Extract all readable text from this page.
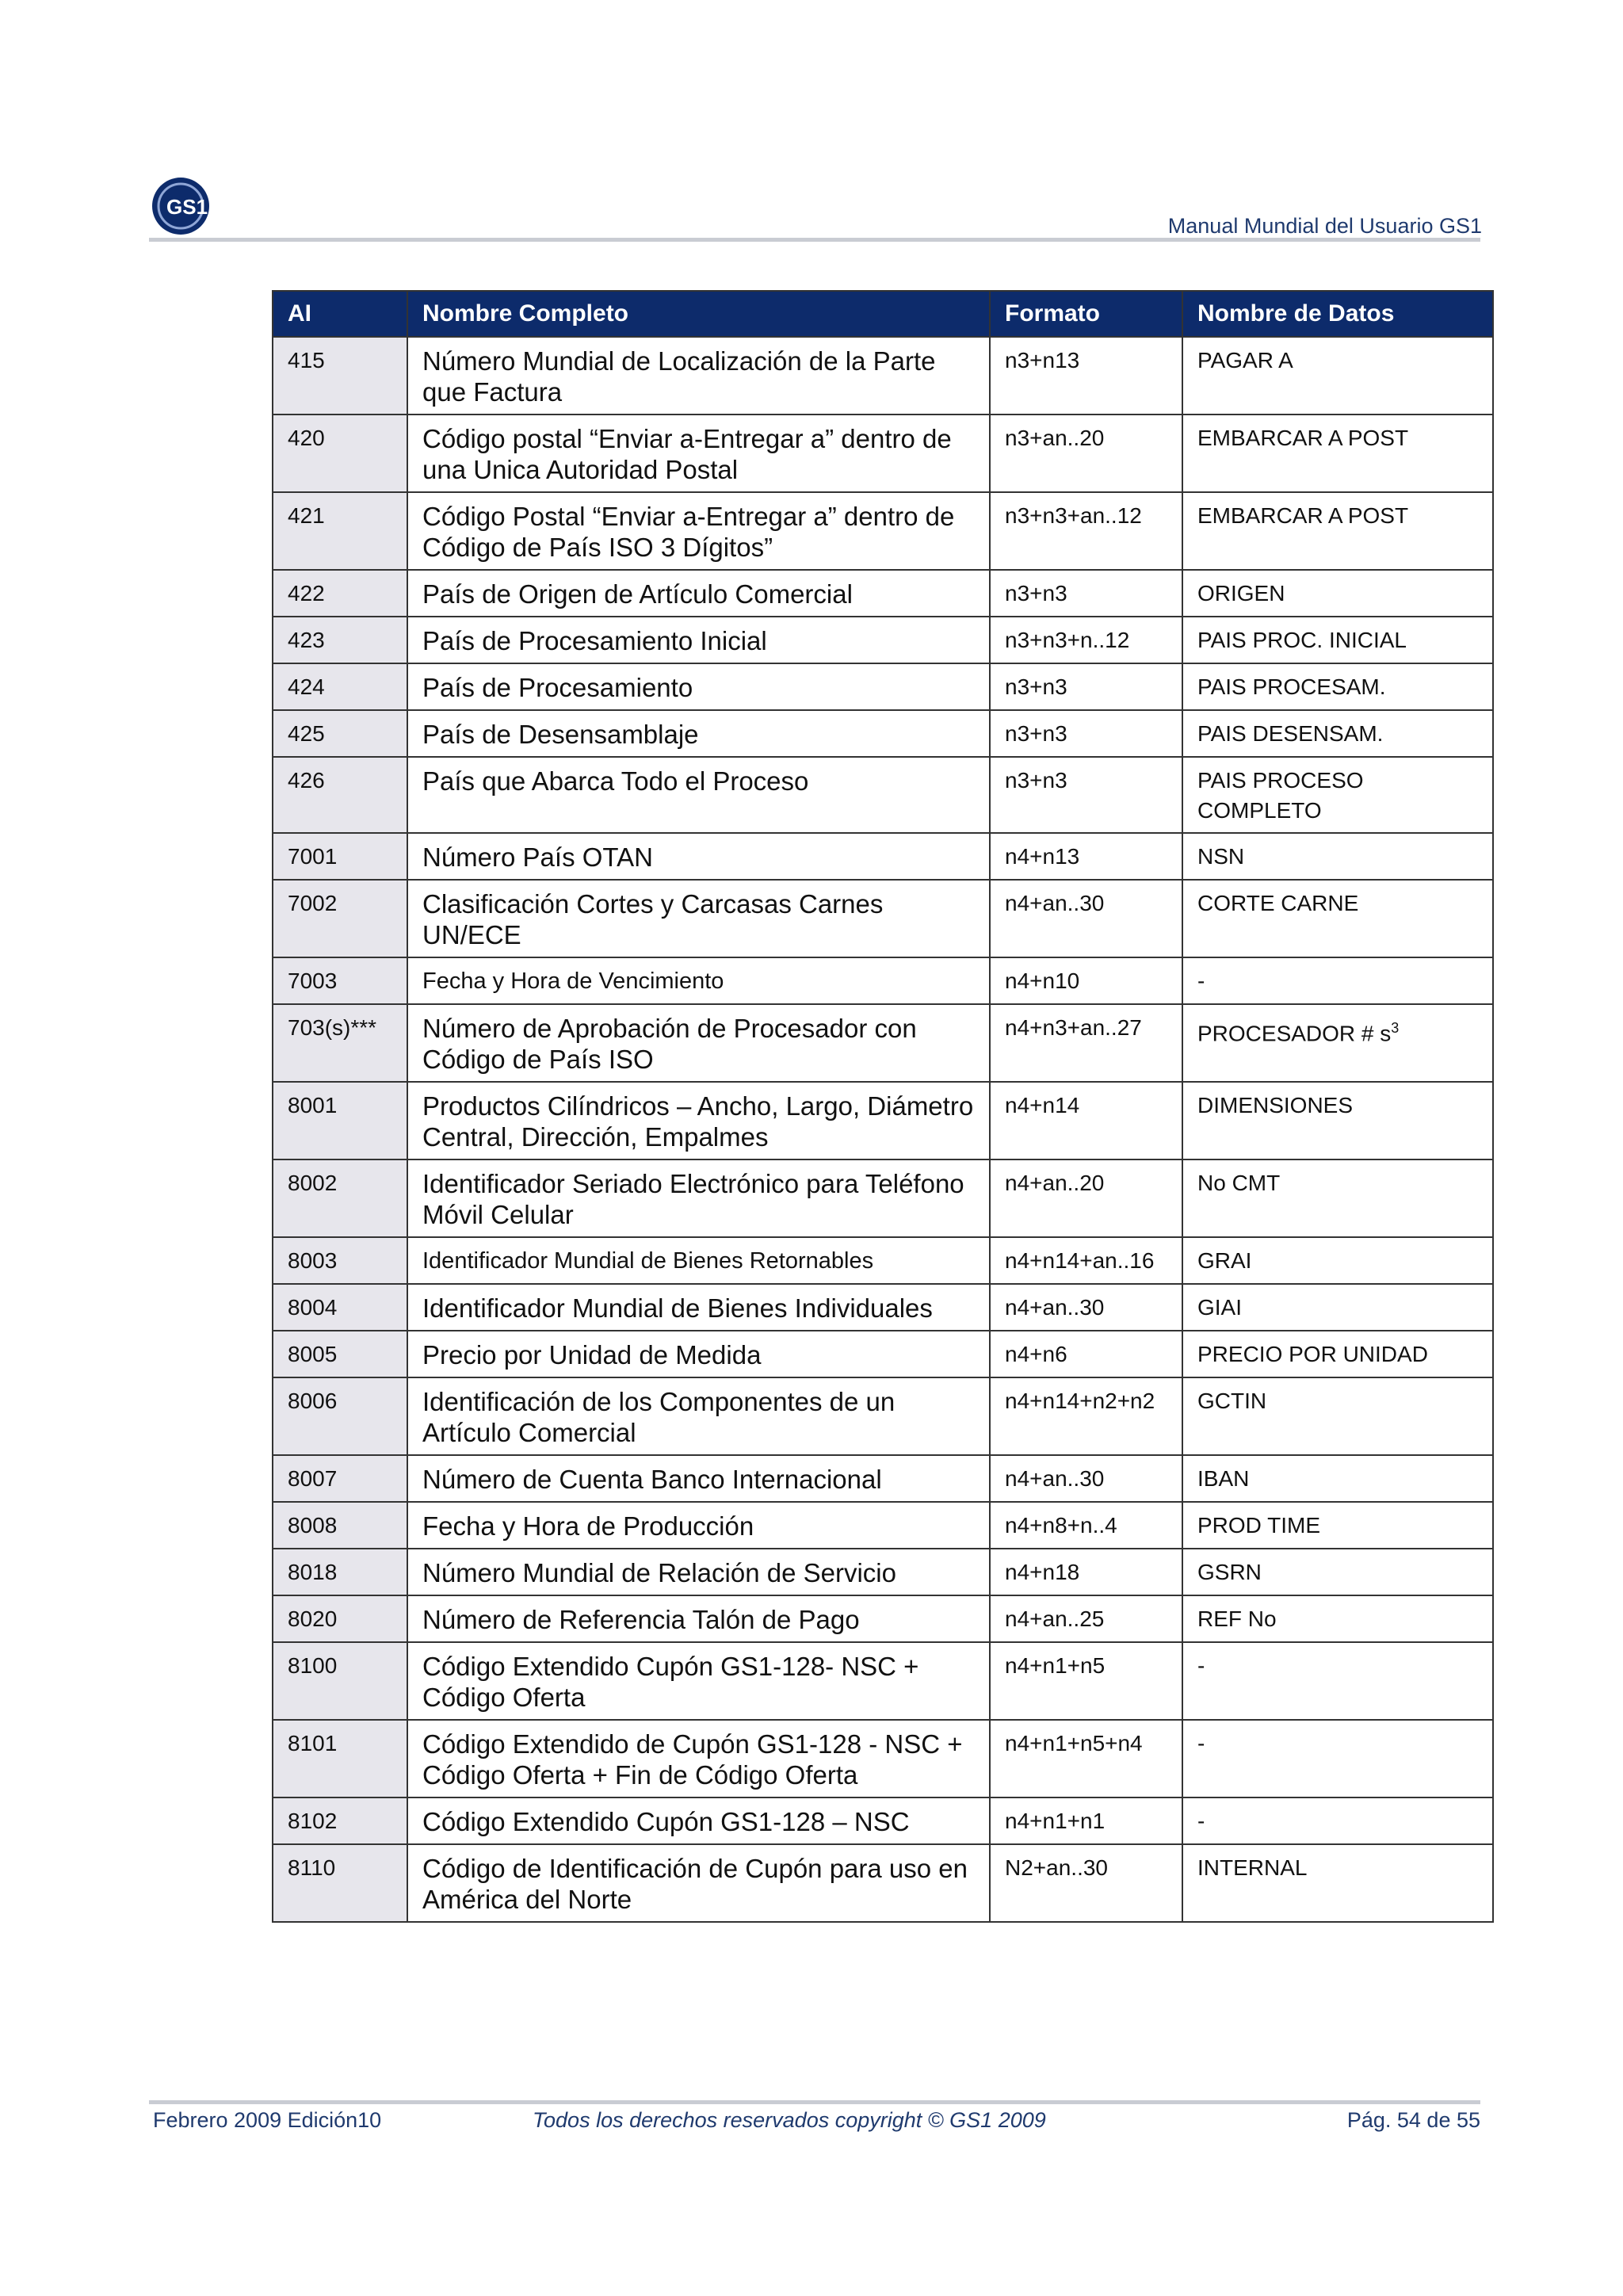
GS1
Manual Mundial del Usuario GS1
AI	Nombre Completo	Formato	Nombre de Datos
415	Número Mundial de Localización de la Parte que Factura	n3+n13	PAGAR A
420	Código postal “Enviar a-Entregar a” dentro de una Unica Autoridad Postal	n3+an..20	EMBARCAR A POST
421	Código Postal “Enviar a-Entregar a” dentro de Código de País ISO 3 Dígitos”	n3+n3+an..12	EMBARCAR A POST
422	País de Origen de Artículo Comercial	n3+n3	ORIGEN
423	País de Procesamiento Inicial	n3+n3+n..12	PAIS PROC. INICIAL
424	País de Procesamiento	n3+n3	PAIS PROCESAM.
425	País de Desensamblaje	n3+n3	PAIS DESENSAM.
426	País que Abarca Todo el Proceso	n3+n3	PAIS PROCESO COMPLETO
7001	Número País OTAN	n4+n13	NSN
7002	Clasificación Cortes y Carcasas Carnes UN/ECE	n4+an..30	CORTE CARNE
7003	Fecha y Hora de Vencimiento	n4+n10	-
703(s)***	Número de Aprobación de Procesador con Código de País ISO	n4+n3+an..27	PROCESADOR # $s^3$
8001	Productos Cilíndricos – Ancho, Largo, Diámetro Central, Dirección, Empalmes	n4+n14	DIMENSIONES
8002	Identificador Seriado Electrónico para Teléfono Móvil Celular	n4+an..20	No CMT
8003	Identificador Mundial de Bienes Retornables	n4+n14+an..16	GRAI
8004	Identificador Mundial de Bienes Individuales	n4+an..30	GIAI
8005	Precio por Unidad de Medida	n4+n6	PRECIO POR UNIDAD
8006	Identificación de los Componentes de un Artículo Comercial	n4+n14+n2+n2	GCTIN
8007	Número de Cuenta Banco Internacional	n4+an..30	IBAN
8008	Fecha y Hora de Producción	n4+n8+n..4	PROD TIME
8018	Número Mundial de Relación de Servicio	n4+n18	GSRN
8020	Número de Referencia Talón de Pago	n4+an..25	REF No
8100	Código Extendido Cupón GS1-128- NSC + Código Oferta	n4+n1+n5	-
8101	Código Extendido de Cupón GS1-128 - NSC + Código Oferta + Fin de Código Oferta	n4+n1+n5+n4	-
8102	Código Extendido Cupón GS1-128 – NSC	n4+n1+n1	-
8110	Código de Identificación de Cupón para uso en América del Norte	N2+an..30	INTERNAL
Febrero 2009 Edición10	Todos los derechos reservados copyright © GS1 2009	Pág. 54 de 55
